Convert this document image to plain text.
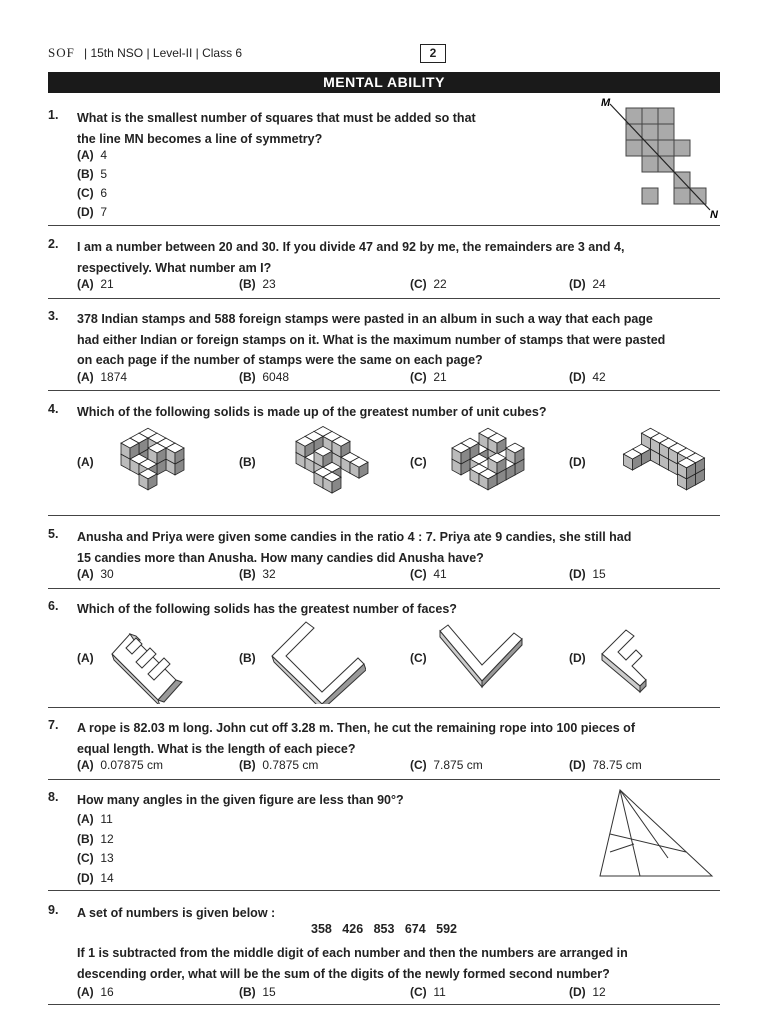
SOF | 15th NSO | Level-II | Class 6	2
MENTAL ABILITY
1. What is the smallest number of squares that must be added so that
the line MN becomes a line of symmetry?
(A) 4
(B) 5
(C) 6
(D) 7
M
N
2. I am a number between 20 and 30. If you divide 47 and 92 by me, the remainders are 3 and 4,
respectively. What number am I?
(A) 21	(B) 23	(C) 22	(D) 24
3. 378 Indian stamps and 588 foreign stamps were pasted in an album in such a way that each page
had either Indian or foreign stamps on it. What is the maximum number of stamps that were pasted
on each page if the number of stamps were the same on each page?
(A) 1874	(B) 6048	(C) 21	(D) 42
4. Which of the following solids is made up of the greatest number of unit cubes?
(A)	(B)	(C)	(D)
5. Anusha and Priya were given some candies in the ratio 4 : 7. Priya ate 9 candies, she still had
15 candies more than Anusha. How many candies did Anusha have?
(A) 30	(B) 32	(C) 41	(D) 15
6. Which of the following solids has the greatest number of faces?
(A)	(B)	(C)	(D)
7. A rope is 82.03 m long. John cut off 3.28 m. Then, he cut the remaining rope into 100 pieces of
equal length. What is the length of each piece?
(A) 0.07875 cm	(B) 0.7875 cm	(C) 7.875 cm	(D) 78.75 cm
8. How many angles in the given figure are less than 90°?
(A) 11
(B) 12
(C) 13
(D) 14
9. A set of numbers is given below :
358   426   853   674   592
If 1 is subtracted from the middle digit of each number and then the numbers are arranged in
descending order, what will be the sum of the digits of the newly formed second number?
(A) 16	(B) 15	(C) 11	(D) 12
